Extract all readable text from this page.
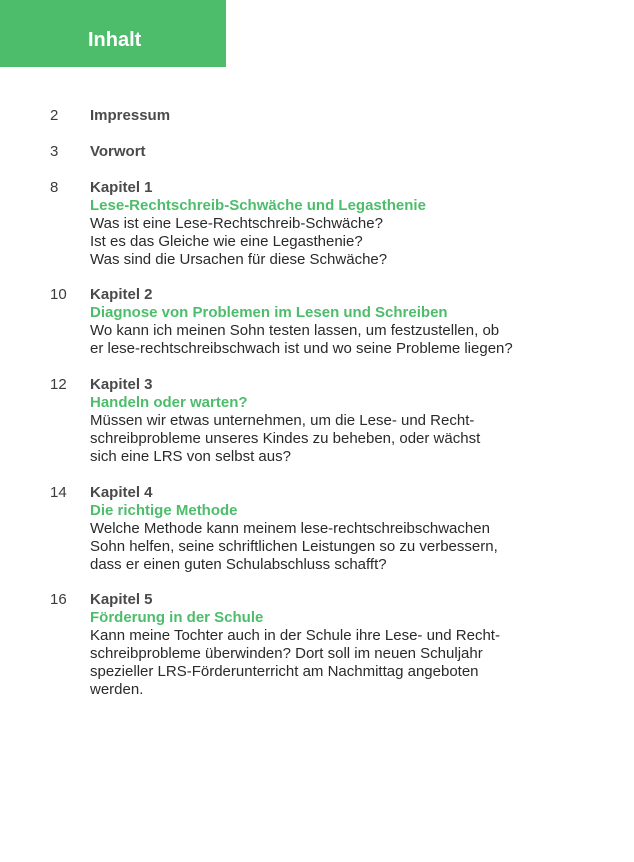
Inhalt
2 Impressum
3 Vorwort
8 Kapitel 1
Lese-Rechtschreib-Schwäche und Legasthenie
Was ist eine Lese-Rechtschreib-Schwäche?
Ist es das Gleiche wie eine Legasthenie?
Was sind die Ursachen für diese Schwäche?
10 Kapitel 2
Diagnose von Problemen im Lesen und Schreiben
Wo kann ich meinen Sohn testen lassen, um festzustellen, ob
er lese-rechtschreibschwach ist und wo seine Probleme liegen?
12 Kapitel 3
Handeln oder warten?
Müssen wir etwas unternehmen, um die Lese- und Recht-
schreibprobleme unseres Kindes zu beheben, oder wächst
sich eine LRS von selbst aus?
14 Kapitel 4
Die richtige Methode
Welche Methode kann meinem lese-rechtschreibschwachen
Sohn helfen, seine schriftlichen Leistungen so zu verbessern,
dass er einen guten Schulabschluss schafft?
16 Kapitel 5
Förderung in der Schule
Kann meine Tochter auch in der Schule ihre Lese- und Recht-
schreibprobleme überwinden? Dort soll im neuen Schuljahr
spezieller LRS-Förderunterricht am Nachmittag angeboten
werden.
